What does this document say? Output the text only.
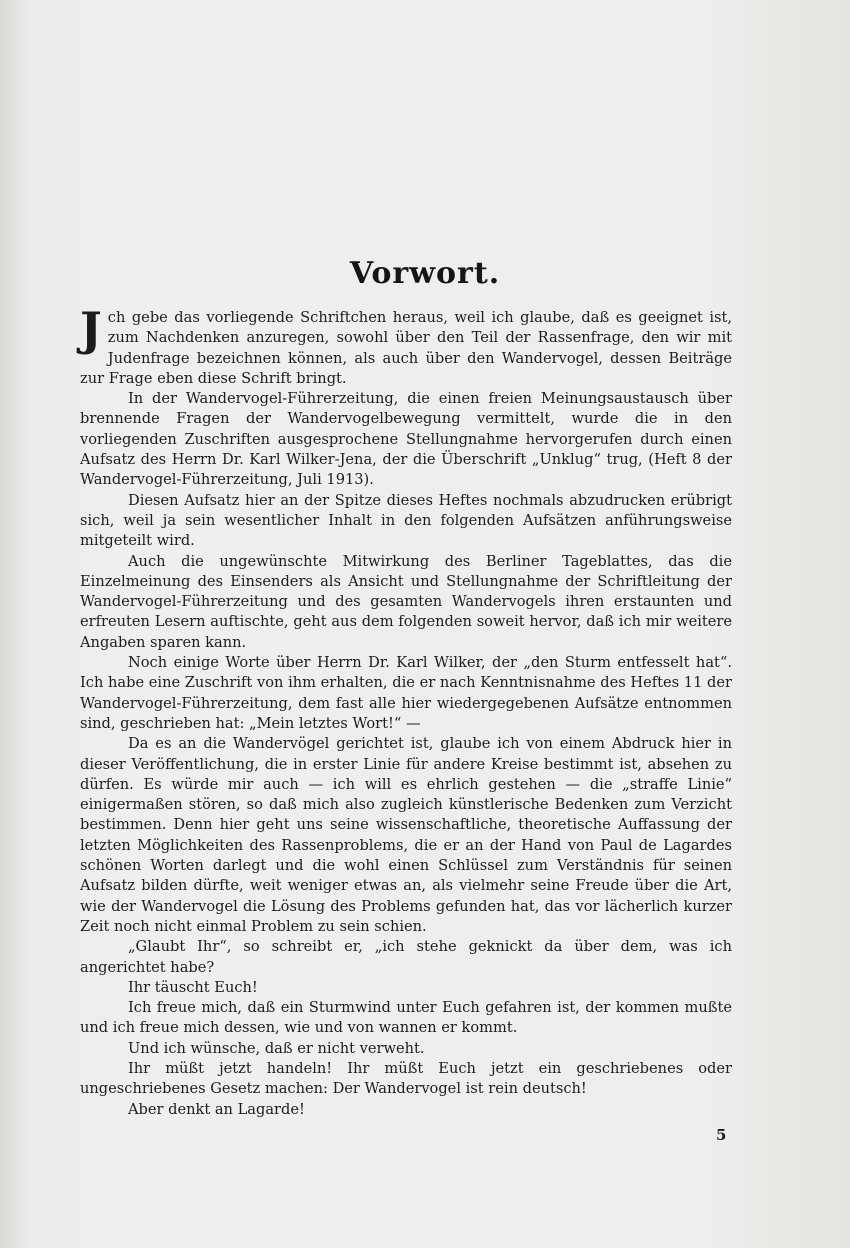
Vorwort.

Jch gebe das vorliegende Schriftchen heraus, weil ich glaube, daß es geeignet ist, zum Nachdenken anzuregen, sowohl über den Teil der Rassenfrage, den wir mit Judenfrage bezeichnen können, als auch über den Wandervogel, dessen Beiträge zur Frage eben diese Schrift bringt.

In der Wandervogel-Führerzeitung, die einen freien Meinungsaustausch über brennende Fragen der Wandervogelbewegung vermittelt, wurde die in den vorliegenden Zuschriften ausgesprochene Stellungnahme hervorgerufen durch einen Aufsatz des Herrn Dr. Karl Wilker-Jena, der die Überschrift „Unklug“ trug, (Heft 8 der Wandervogel-Führerzeitung, Juli 1913).

Diesen Aufsatz hier an der Spitze dieses Heftes nochmals abzudrucken erübrigt sich, weil ja sein wesentlicher Inhalt in den folgenden Aufsätzen anführungsweise mitgeteilt wird.

Auch die ungewünschte Mitwirkung des Berliner Tageblattes, das die Einzelmeinung des Einsenders als Ansicht und Stellungnahme der Schriftleitung der Wandervogel-Führerzeitung und des gesamten Wandervogels ihren erstaunten und erfreuten Lesern auftischte, geht aus dem folgenden soweit hervor, daß ich mir weitere Angaben sparen kann.

Noch einige Worte über Herrn Dr. Karl Wilker, der „den Sturm entfesselt hat“. Ich habe eine Zuschrift von ihm erhalten, die er nach Kenntnisnahme des Heftes 11 der Wandervogel-Führerzeitung, dem fast alle hier wiedergegebenen Aufsätze entnommen sind, geschrieben hat: „Mein letztes Wort!“ —

Da es an die Wandervögel gerichtet ist, glaube ich von einem Abdruck hier in dieser Veröffentlichung, die in erster Linie für andere Kreise bestimmt ist, absehen zu dürfen. Es würde mir auch — ich will es ehrlich gestehen — die „straffe Linie“ einigermaßen stören, so daß mich also zugleich künstlerische Bedenken zum Verzicht bestimmen. Denn hier geht uns seine wissenschaftliche, theoretische Auffassung der letzten Möglichkeiten des Rassenproblems, die er an der Hand von Paul de Lagardes schönen Worten darlegt und die wohl einen Schlüssel zum Verständnis für seinen Aufsatz bilden dürfte, weit weniger etwas an, als vielmehr seine Freude über die Art, wie der Wandervogel die Lösung des Problems gefunden hat, das vor lächerlich kurzer Zeit noch nicht einmal Problem zu sein schien.

„Glaubt Ihr“, so schreibt er, „ich stehe geknickt da über dem, was ich angerichtet habe?

Ihr täuscht Euch!

Ich freue mich, daß ein Sturmwind unter Euch gefahren ist, der kommen mußte und ich freue mich dessen, wie und von wannen er kommt.

Und ich wünsche, daß er nicht verweht.

Ihr müßt jetzt handeln! Ihr müßt Euch jetzt ein geschriebenes oder ungeschriebenes Gesetz machen: Der Wandervogel ist rein deutsch!

Aber denkt an Lagarde!

5
